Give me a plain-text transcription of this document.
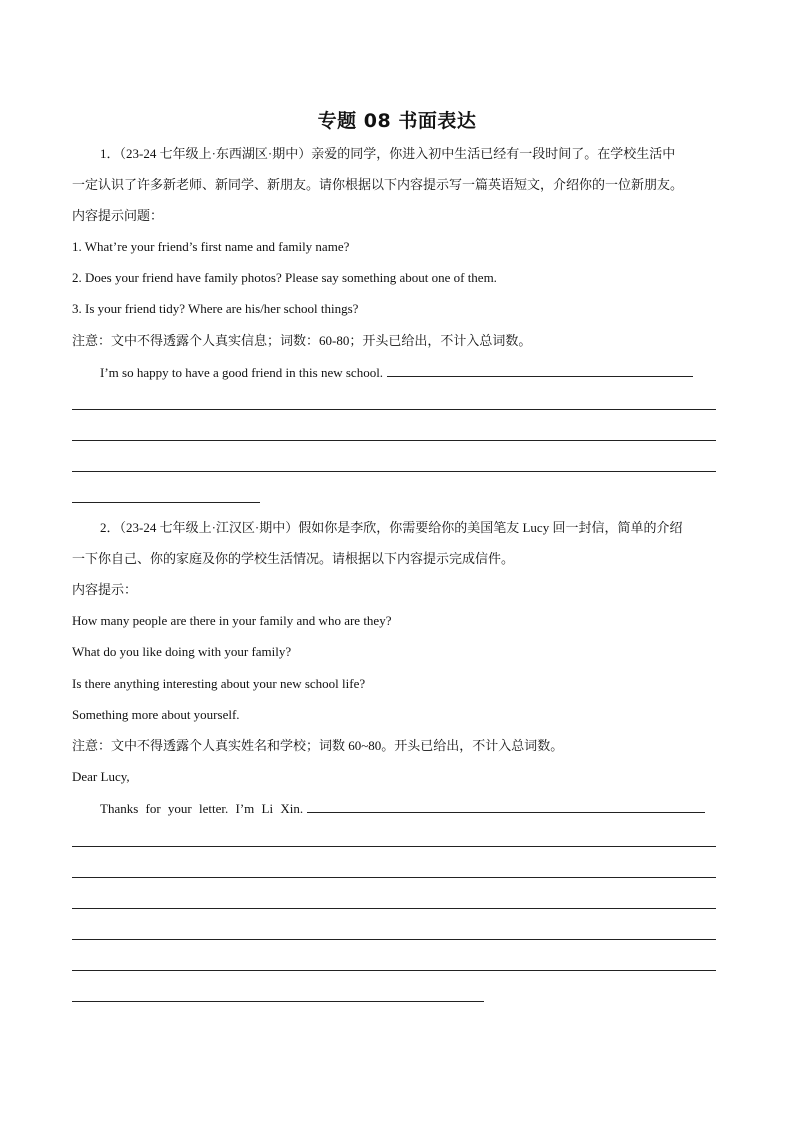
专题 08 书面表达
1．（23-24 七年级上·东西湖区·期中）亲爱的同学，你进入初中生活已经有一段时间了。在学校生活中
一定认识了许多新老师、新同学、新朋友。请你根据以下内容提示写一篇英语短文，介绍你的一位新朋友。
内容提示问题：
1. What’re your friend’s first name and family name?
2. Does your friend have family photos? Please say something about one of them.
3. Is your friend tidy? Where are his/her school things?
注意：文中不得透露个人真实信息；词数：60-80；开头已给出，不计入总词数。
I’m so happy to have a good friend in this new school.
2．（23-24 七年级上·江汉区·期中）假如你是李欣，你需要给你的美国笔友 Lucy 回一封信，简单的介绍
一下你自己、你的家庭及你的学校生活情况。请根据以下内容提示完成信件。
内容提示：
How many people are there in your family and who are they?
What do you like doing with your family?
Is there anything interesting about your new school life?
Something more about yourself.
注意：文中不得透露个人真实姓名和学校；词数 60~80。开头已给出，不计入总词数。
Dear Lucy,
Thanks for your letter. I’m Li Xin.
